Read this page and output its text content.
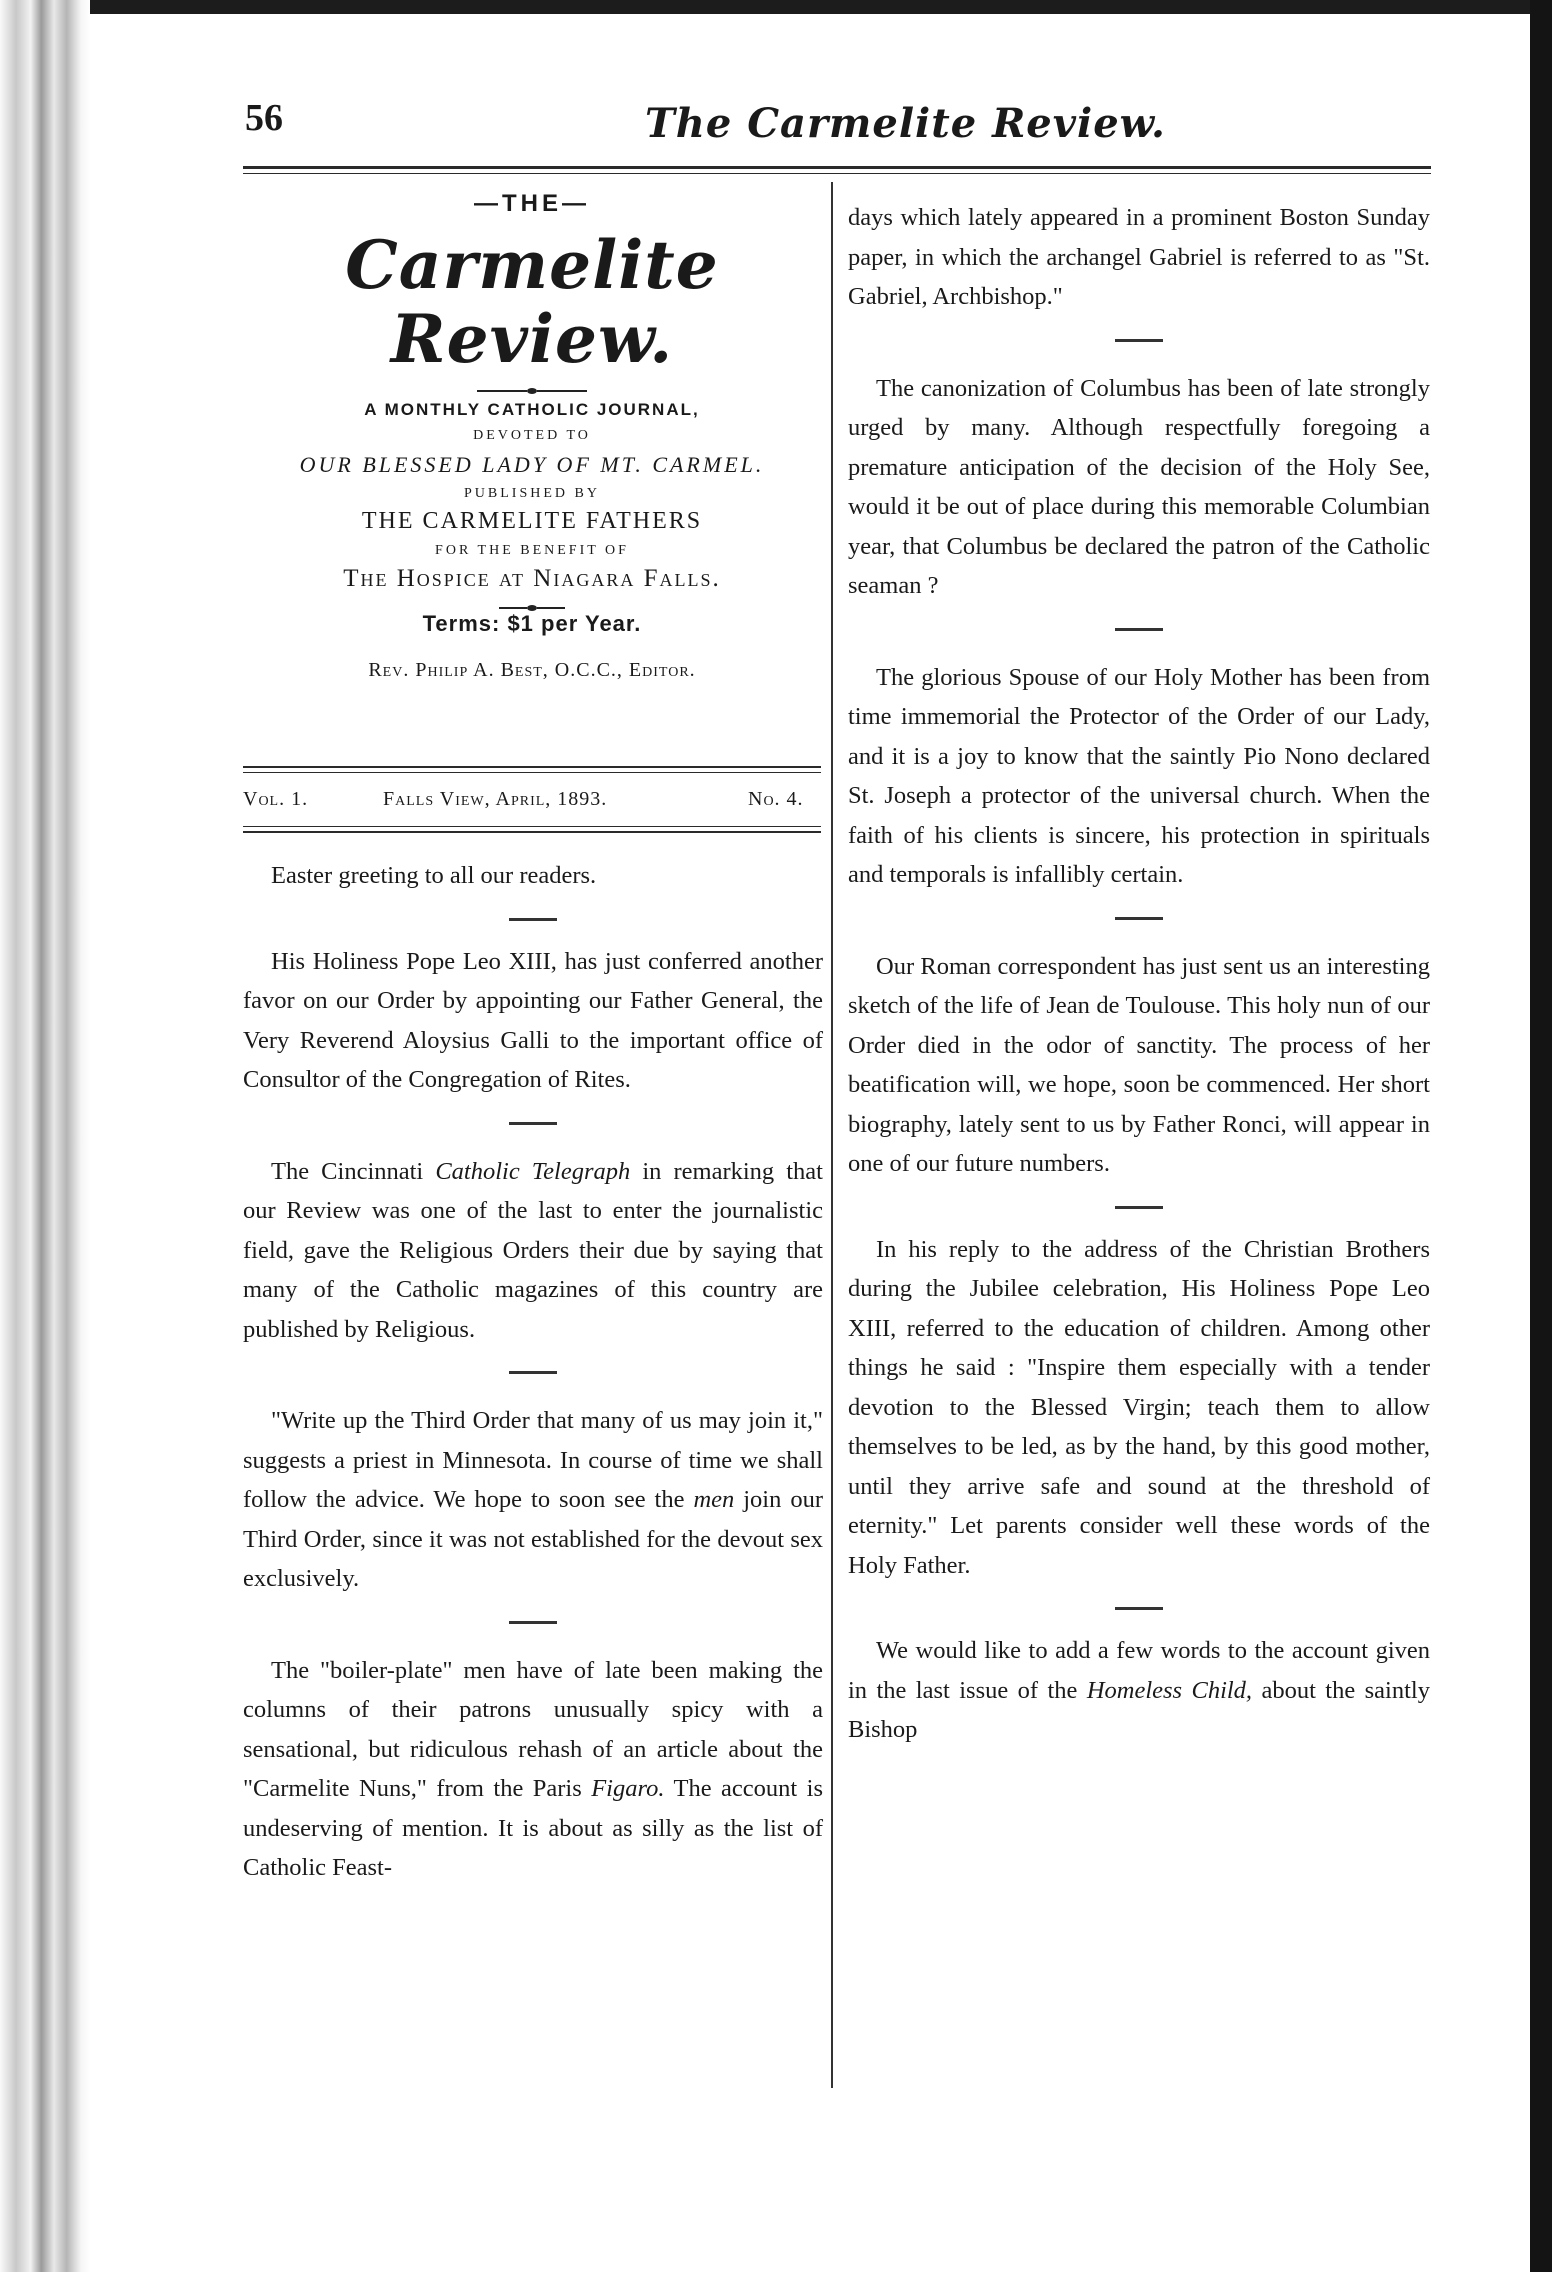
56	The Carmelite Review.
—THE—
Carmelite Review.
A MONTHLY CATHOLIC JOURNAL,
DEVOTED TO
OUR BLESSED LADY OF MT. CARMEL.
PUBLISHED BY
THE CARMELITE FATHERS
FOR THE BENEFIT OF
The Hospice at Niagara Falls.
Terms: $1 per Year.
Rev. Philip A. Best, O.C.C., Editor.
Vol. 1.	Falls View, April, 1893.	No. 4.

Easter greeting to all our readers.

His Holiness Pope Leo XIII, has just conferred another favor on our Order by appointing our Father General, the Very Reverend Aloysius Galli to the important office of Consultor of the Congregation of Rites.

The Cincinnati Catholic Telegraph in remarking that our Review was one of the last to enter the journalistic field, gave the Religious Orders their due by saying that many of the Catholic magazines of this country are published by Religious.

"Write up the Third Order that many of us may join it," suggests a priest in Minnesota. In course of time we shall follow the advice. We hope to soon see the men join our Third Order, since it was not established for the devout sex exclusively.

The "boiler-plate" men have of late been making the columns of their patrons unusually spicy with a sensational, but ridiculous rehash of an article about the "Carmelite Nuns," from the Paris Figaro. The account is undeserving of mention. It is about as silly as the list of Catholic Feast-

days which lately appeared in a prominent Boston Sunday paper, in which the archangel Gabriel is referred to as "St. Gabriel, Archbishop."

The canonization of Columbus has been of late strongly urged by many. Although respectfully foregoing a premature anticipation of the decision of the Holy See, would it be out of place during this memorable Columbian year, that Columbus be declared the patron of the Catholic seaman ?

The glorious Spouse of our Holy Mother has been from time immemorial the Protector of the Order of our Lady, and it is a joy to know that the saintly Pio Nono declared St. Joseph a protector of the universal church. When the faith of his clients is sincere, his protection in spirituals and temporals is infallibly certain.

Our Roman correspondent has just sent us an interesting sketch of the life of Jean de Toulouse. This holy nun of our Order died in the odor of sanctity. The process of her beatification will, we hope, soon be commenced. Her short biography, lately sent to us by Father Ronci, will appear in one of our future numbers.

In his reply to the address of the Christian Brothers during the Jubilee celebration, His Holiness Pope Leo XIII, referred to the education of children. Among other things he said : "Inspire them especially with a tender devotion to the Blessed Virgin; teach them to allow themselves to be led, as by the hand, by this good mother, until they arrive safe and sound at the threshold of eternity." Let parents consider well these words of the Holy Father.

We would like to add a few words to the account given in the last issue of the Homeless Child, about the saintly Bishop
